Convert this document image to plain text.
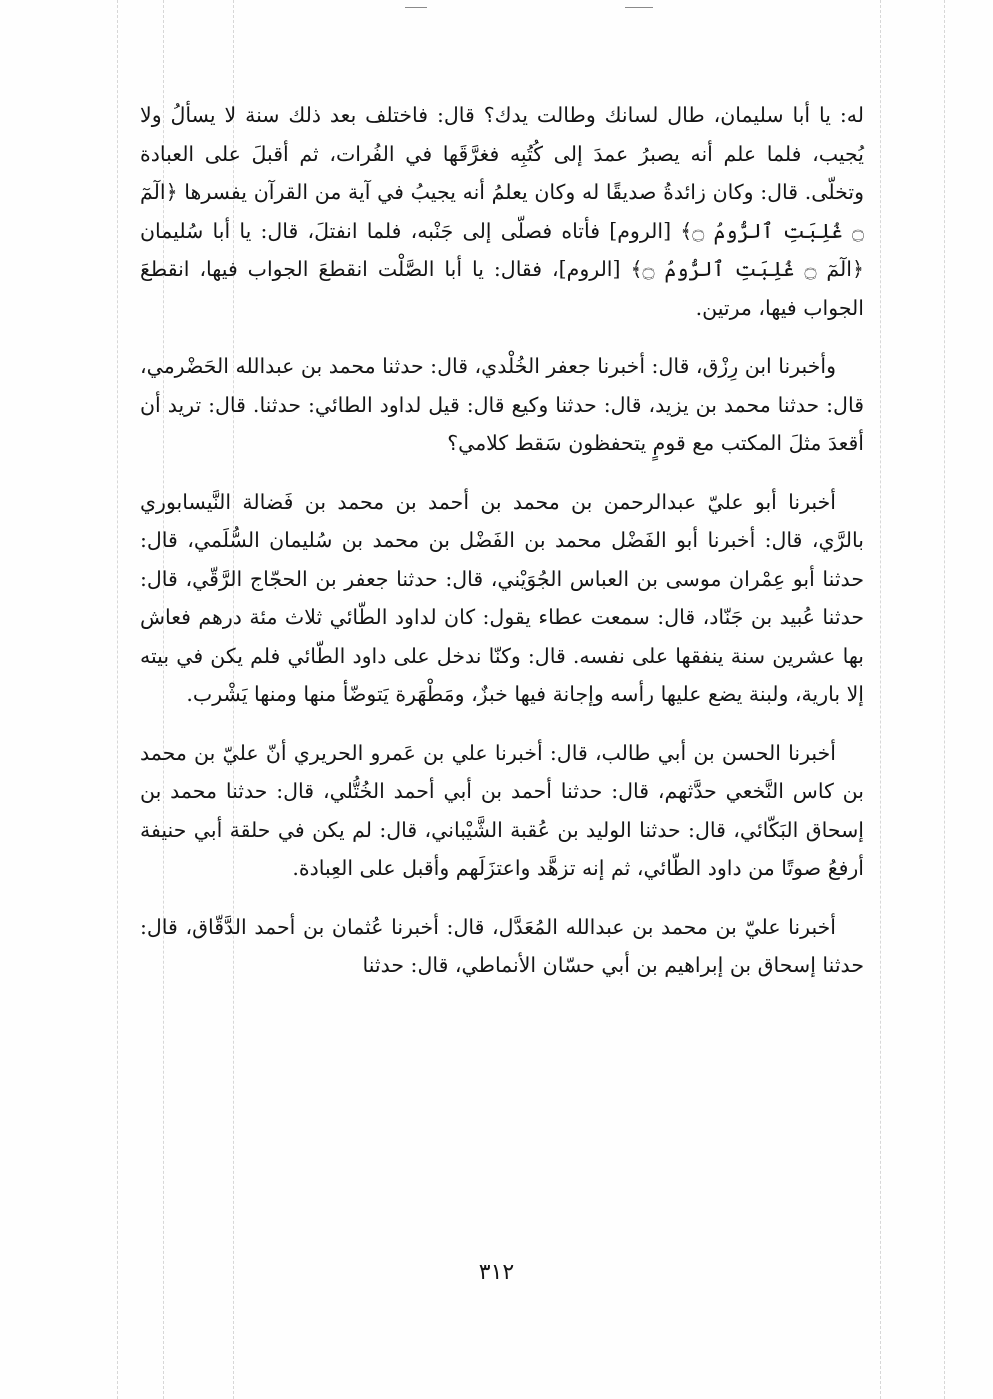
له: يا أبا سليمان، طال لسانك وطالت يدك؟ قال: فاختلف بعد ذلك سنة لا يسألُ ولا يُجيب، فلما علم أنه يصبرُ عمدَ إلى كُتُبِه فغرَّقَها في الفُرات، ثم أقبلَ على العبادة وتخلّى. قال: وكان زائدةُ صديقًا له وكان يعلمُ أنه يجيبُ في آية من القرآن يفسرها ﴿الٓمٓ ۝ غُلِبَتِ ٱلرُّومُ ۝﴾ [الروم] فأتاه فصلّى إلى جَنْبه، فلما انفتلَ، قال: يا أبا سُليمان ﴿الٓمٓ ۝ غُلِبَتِ ٱلرُّومُ ۝﴾ [الروم]، فقال: يا أبا الصَّلْت انقطعَ الجواب فيها، انقطعَ الجواب فيها، مرتين.

وأخبرنا ابن رِزْق، قال: أخبرنا جعفر الخُلْدي، قال: حدثنا محمد بن عبدالله الحَضْرمي، قال: حدثنا محمد بن يزيد، قال: حدثنا وكيع قال: قيل لداود الطائي: حدثنا. قال: تريد أن أقعدَ مثلَ المكتب مع قومٍ يتحفظون سَقط كلامي؟

أخبرنا أبو عليّ عبدالرحمن بن محمد بن أحمد بن محمد بن فَضالة النَّيسابوري بالرَّي، قال: أخبرنا أبو الفَضْل محمد بن الفَضْل بن محمد بن سُليمان السُّلَمي، قال: حدثنا أبو عِمْران موسى بن العباس الجُوَيْني، قال: حدثنا جعفر بن الحجّاج الرَّقّي، قال: حدثنا عُبيد بن جَنّاد، قال: سمعت عطاء يقول: كان لداود الطّائي ثلاث مئة درهم فعاش بها عشرين سنة ينفقها على نفسه. قال: وكنّا ندخل على داود الطّائي فلم يكن في بيته إلا بارية، ولبنة يضع عليها رأسه وإجانة فيها خبزٌ، ومَطْهَرة يَتوضّأ منها ومنها يَشْرب.

أخبرنا الحسن بن أبي طالب، قال: أخبرنا علي بن عَمرو الحريري أنّ عليّ بن محمد بن كاس النَّخعي حدَّثهم، قال: حدثنا أحمد بن أبي أحمد الخُتُّلي، قال: حدثنا محمد بن إسحاق البَكّائي، قال: حدثنا الوليد بن عُقبة الشَّيْباني، قال: لم يكن في حلقة أبي حنيفة أرفعُ صوتًا من داود الطّائي، ثم إنه تزهَّد واعتزَلَهم وأقبل على العِبادة.

أخبرنا عليّ بن محمد بن عبدالله المُعَدَّل، قال: أخبرنا عُثمان بن أحمد الدَّقّاق، قال: حدثنا إسحاق بن إبراهيم بن أبي حسّان الأنماطي، قال: حدثنا

٣١٢
